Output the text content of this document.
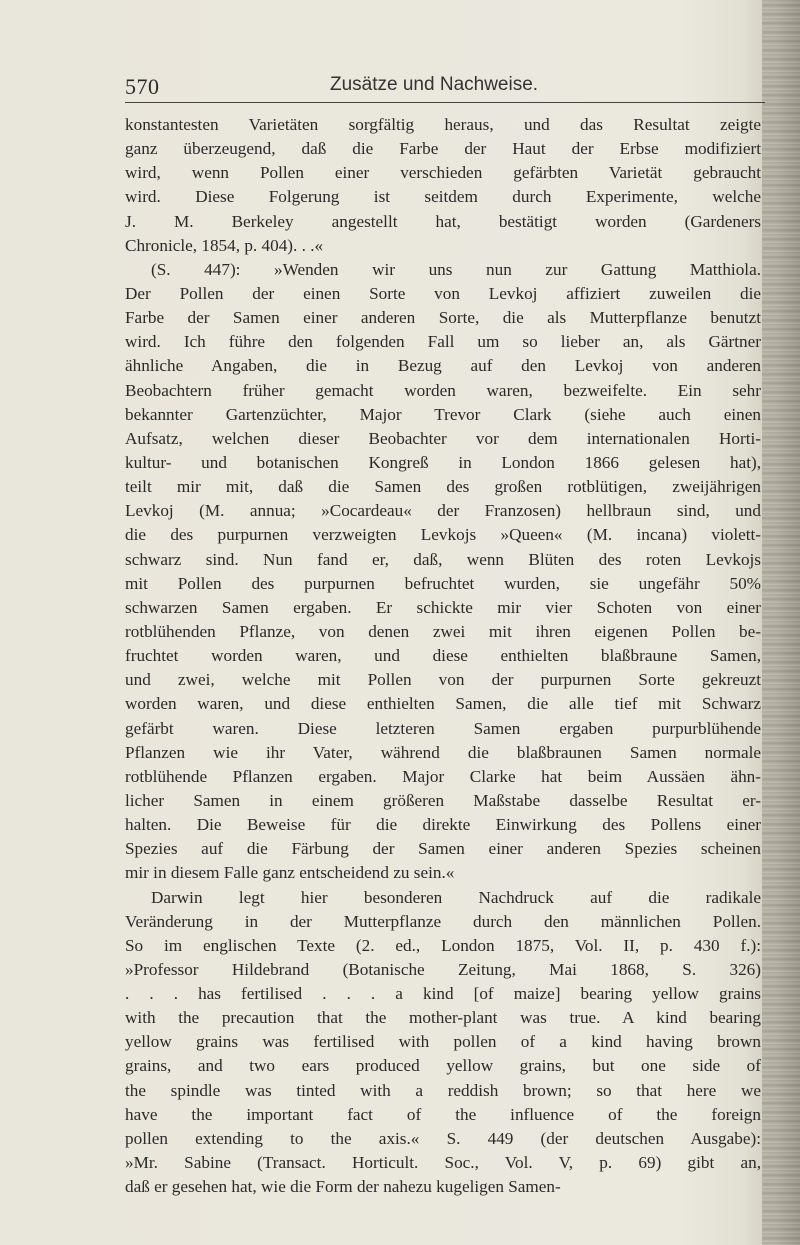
570	Zusätze und Nachweise.
konstantesten Varietäten sorgfältig heraus, und das Resultat zeigte
ganz überzeugend, daß die Farbe der Haut der Erbse modifiziert
wird, wenn Pollen einer verschieden gefärbten Varietät gebraucht
wird. Diese Folgerung ist seitdem durch Experimente, welche
J. M. Berkeley angestellt hat, bestätigt worden (Gardeners
Chronicle, 1854, p. 404). . .«
(S. 447): »Wenden wir uns nun zur Gattung Matthiola.
Der Pollen der einen Sorte von Levkoj affiziert zuweilen die
Farbe der Samen einer anderen Sorte, die als Mutterpflanze benutzt
wird. Ich führe den folgenden Fall um so lieber an, als Gärtner
ähnliche Angaben, die in Bezug auf den Levkoj von anderen
Beobachtern früher gemacht worden waren, bezweifelte. Ein sehr
bekannter Gartenzüchter, Major Trevor Clark (siehe auch einen
Aufsatz, welchen dieser Beobachter vor dem internationalen Horti-
kultur- und botanischen Kongreß in London 1866 gelesen hat),
teilt mir mit, daß die Samen des großen rotblütigen, zweijährigen
Levkoj (M. annua; »Cocardeau« der Franzosen) hellbraun sind, und
die des purpurnen verzweigten Levkojs »Queen« (M. incana) violett-
schwarz sind. Nun fand er, daß, wenn Blüten des roten Levkojs
mit Pollen des purpurnen befruchtet wurden, sie ungefähr 50%
schwarzen Samen ergaben. Er schickte mir vier Schoten von einer
rotblühenden Pflanze, von denen zwei mit ihren eigenen Pollen be-
fruchtet worden waren, und diese enthielten blaßbraune Samen,
und zwei, welche mit Pollen von der purpurnen Sorte gekreuzt
worden waren, und diese enthielten Samen, die alle tief mit Schwarz
gefärbt waren. Diese letzteren Samen ergaben purpurblühende
Pflanzen wie ihr Vater, während die blaßbraunen Samen normale
rotblühende Pflanzen ergaben. Major Clarke hat beim Aussäen ähn-
licher Samen in einem größeren Maßstabe dasselbe Resultat er-
halten. Die Beweise für die direkte Einwirkung des Pollens einer
Spezies auf die Färbung der Samen einer anderen Spezies scheinen
mir in diesem Falle ganz entscheidend zu sein.«
Darwin legt hier besonderen Nachdruck auf die radikale
Veränderung in der Mutterpflanze durch den männlichen Pollen.
So im englischen Texte (2. ed., London 1875, Vol. II, p. 430 f.):
»Professor Hildebrand (Botanische Zeitung, Mai 1868, S. 326)
. . . has fertilised . . . a kind [of maize] bearing yellow grains
with the precaution that the mother-plant was true. A kind bearing
yellow grains was fertilised with pollen of a kind having brown
grains, and two ears produced yellow grains, but one side of
the spindle was tinted with a reddish brown; so that here we
have the important fact of the influence of the foreign
pollen extending to the axis.« S. 449 (der deutschen Ausgabe):
»Mr. Sabine (Transact. Horticult. Soc., Vol. V, p. 69) gibt an,
daß er gesehen hat, wie die Form der nahezu kugeligen Samen-
